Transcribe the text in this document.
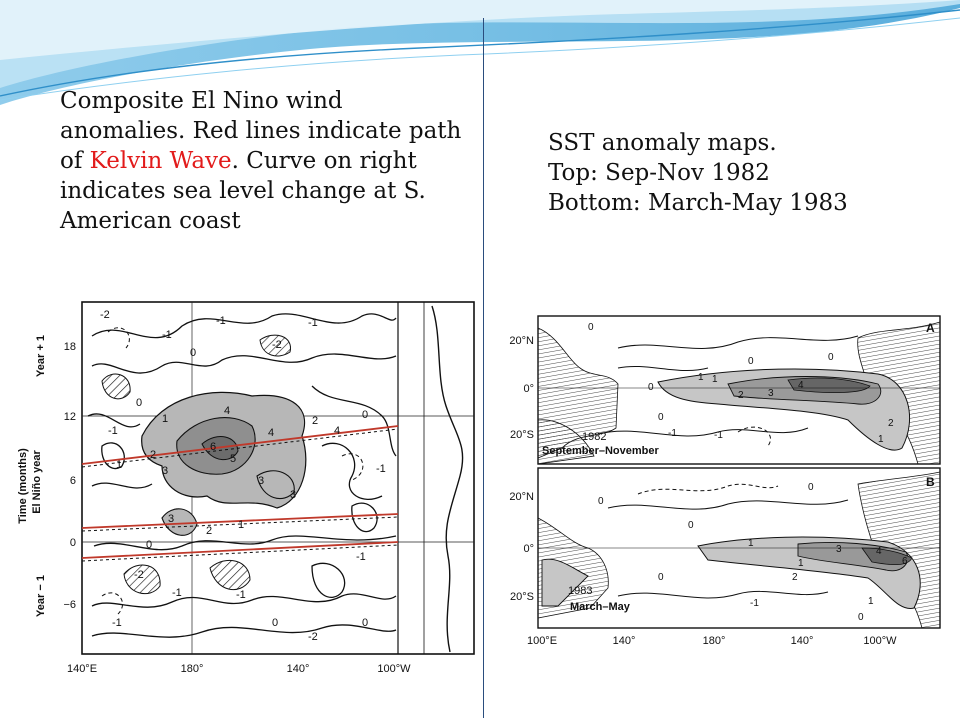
Composite El Nino wind anomalies. Red lines indicate path of Kelvin Wave. Curve on right indicates sea level change at S. American coast
SST anomaly maps.
Top: Sep-Nov 1982
Bottom: March-May 1983
-2
-1
0
-1
-2
-1
0
1
4
6
5
4
3
2
3
2
-1
0
-1
-2
-1
0
1
-1
-2
3
2
1
4
3
-1
0
-1	0
18
12
6
0
−6
Year + 1
Time (months) El Niño year
Year − 1
140°E	180°	140°	100°W
A
1982
September–November
0
1
0	0
1
2 3
4
0
-1	-1
2
1
0
B
1983
March–May
0
0
0
1
1
3	4
6
2
1
0
0
-1
20°N
0°
20°S
20°N
0°
20°S
100°E	140°	180°	140°	100°W
